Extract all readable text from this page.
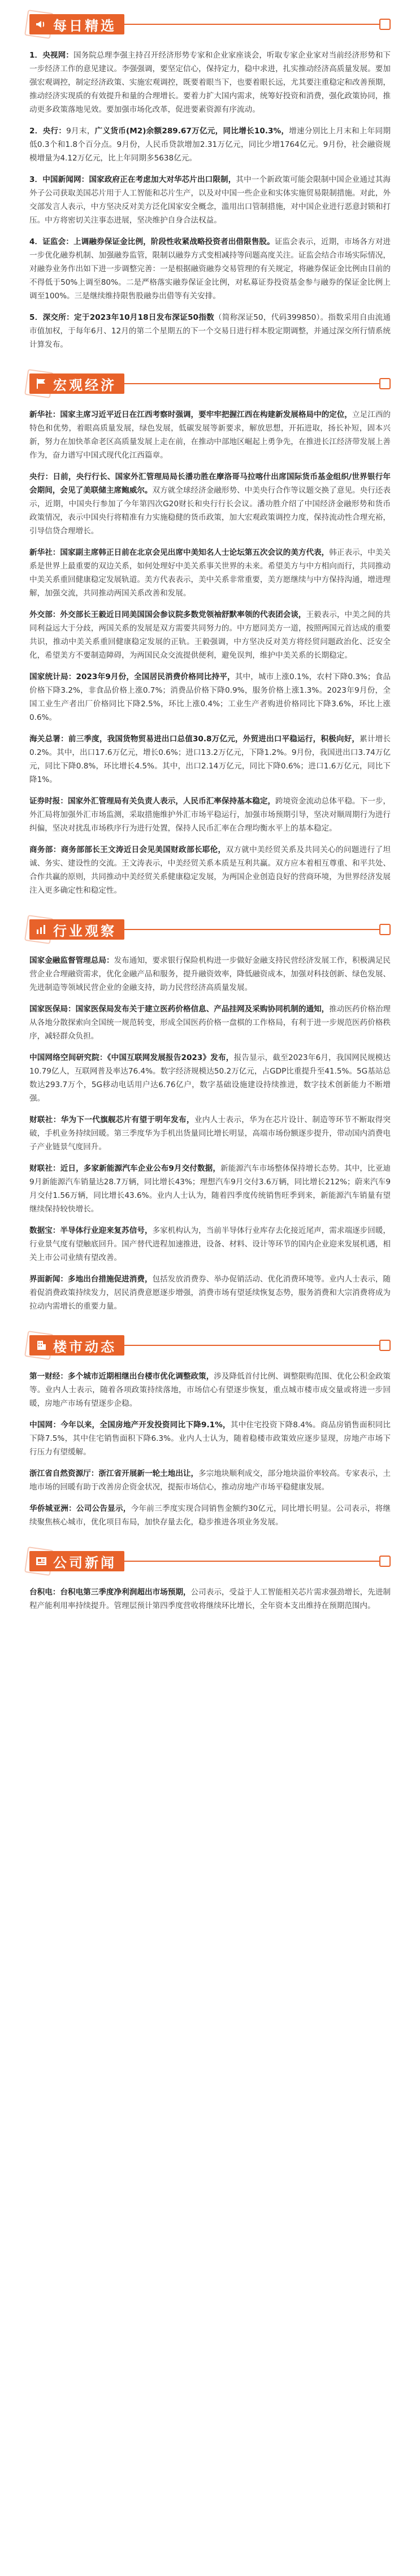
每日精选

1．央视网：国务院总理李强主持召开经济形势专家和企业家座谈会，听取专家企业家对当前经济形势和下一步经济工作的意见建议。李强强调，要坚定信心，保持定力，稳中求进，扎实推动经济高质量发展。要加强宏观调控，制定经济政策、实施宏观调控，既要着眼当下，也要着眼长远，尤其要注重稳定和改善预期，推动经济实现质的有效提升和量的合理增长。要着力扩大国内需求，统筹好投资和消费，强化政策协同，推动更多政策落地见效。要加强市场化改革，促进要素资源有序流动。

2．央行：9月末，广义货币(M2)余额289.67万亿元，同比增长10.3%，增速分别比上月末和上年同期低0.3个和1.8个百分点。9月份，人民币贷款增加2.31万亿元，同比少增1764亿元。9月份，社会融资规模增量为4.12万亿元，比上年同期多5638亿元。

3．中国新闻网：国家政府正在考虑加大对华芯片出口限制，其中一个新政策可能会限制中国企业通过其海外子公司获取美国芯片用于人工智能和芯片生产，以及对中国一些企业和实体实施贸易限制措施。对此，外交部发言人表示，中方坚决反对美方泛化国家安全概念，滥用出口管制措施，对中国企业进行恶意封锁和打压。中方将密切关注事态进展，坚决维护自身合法权益。

4．证监会：上调融券保证金比例，阶段性收紧战略投资者出借限售股。证监会表示，近期，市场各方对进一步优化融券机制、加强融券监管，限制以融券方式变相减持等问题高度关注。证监会结合市场实际情况，对融券业务作出如下进一步调整完善：一是根据融资融券交易管理的有关规定，将融券保证金比例由目前的不得低于50%上调至80%。二是严格落实融券保证金比例，对私募证券投资基金参与融券的保证金比例上调至100%。三是继续维持限售股融券出借等有关安排。

5．深交所：定于2023年10月18日发布深证50指数（简称深证50，代码399850）。指数采用自由流通市值加权，于每年6月、12月的第二个星期五的下一个交易日进行样本股定期调整，并通过深交所行情系统计算发布。

宏观经济

新华社：国家主席习近平近日在江西考察时强调，要牢牢把握江西在构建新发展格局中的定位，立足江西的特色和优势，着眼高质量发展，绿色发展，低碳发展等新要求，解放思想，开拓进取，扬长补短，固本兴新，努力在加快革命老区高质量发展上走在前，在推动中部地区崛起上勇争先，在推进长江经济带发展上善作为，奋力谱写中国式现代化江西篇章。

央行：日前，央行行长、国家外汇管理局局长潘功胜在摩洛哥马拉喀什出席国际货币基金组织/世界银行年会期间，会见了美联储主席鲍威尔。双方就全球经济金融形势、中美央行合作等议题交换了意见。央行还表示，近期，中国央行参加了今年第四次G20财长和央行行长会议。潘功胜介绍了中国经济金融形势和货币政策情况，表示中国央行将精准有力实施稳健的货币政策，加大宏观政策调控力度，保持流动性合理充裕，引导信贷合理增长。

新华社：国家副主席韩正日前在北京会见出席中美知名人士论坛第五次会议的美方代表，韩正表示，中美关系是世界上最重要的双边关系，如何处理好中美关系事关世界的未来。希望美方与中方相向而行，共同推动中美关系重回健康稳定发展轨道。美方代表表示，美中关系非常重要，美方愿继续与中方保持沟通，增进理解，加强交流，共同推动两国关系改善和发展。

外交部：外交部长王毅近日同美国国会参议院多数党领袖舒默率领的代表团会谈，王毅表示，中美之间的共同利益远大于分歧，两国关系的发展是双方需要共同努力的。中方愿同美方一道，按照两国元首达成的重要共识，推动中美关系重回健康稳定发展的正轨。王毅强调，中方坚决反对美方将经贸问题政治化、泛安全化，希望美方不要制造障碍，为两国民众交流提供便利，避免误判，维护中美关系的长期稳定。

国家统计局：2023年9月份，全国居民消费价格同比持平，其中，城市上涨0.1%，农村下降0.3%；食品价格下降3.2%，非食品价格上涨0.7%；消费品价格下降0.9%，服务价格上涨1.3%。2023年9月份，全国工业生产者出厂价格同比下降2.5%，环比上涨0.4%；工业生产者购进价格同比下降3.6%，环比上涨0.6%。

海关总署：前三季度，我国货物贸易进出口总值30.8万亿元，外贸进出口平稳运行，积极向好，累计增长0.2%。其中，出口17.6万亿元，增长0.6%；进口13.2万亿元，下降1.2%。9月份，我国进出口3.74万亿元，同比下降0.8%，环比增长4.5%。其中，出口2.14万亿元，同比下降0.6%；进口1.6万亿元，同比下降1%。

证券时报：国家外汇管理局有关负责人表示，人民币汇率保持基本稳定，跨境资金流动总体平稳。下一步，外汇局将加强外汇市场监测，采取措施维护外汇市场平稳运行，加强市场预期引导，坚决对顺周期行为进行纠偏，坚决对扰乱市场秩序行为进行处置，保持人民币汇率在合理均衡水平上的基本稳定。

商务部：商务部部长王文涛近日会见美国财政部长耶伦，双方就中美经贸关系及共同关心的问题进行了坦诚、务实、建设性的交流。王文涛表示，中美经贸关系本质是互利共赢。双方应本着相互尊重、和平共处、合作共赢的原则，共同推动中美经贸关系健康稳定发展，为两国企业创造良好的营商环境，为世界经济发展注入更多确定性和稳定性。

行业观察

国家金融监督管理总局：发布通知，要求银行保险机构进一步做好金融支持民营经济发展工作，积极满足民营企业合理融资需求，优化金融产品和服务，提升融资效率，降低融资成本，加强对科技创新、绿色发展、先进制造等领域民营企业的金融支持，助力民营经济高质量发展。

国家医保局：国家医保局发布关于建立医药价格信息、产品挂网及采购协同机制的通知，推动医药价格治理从各地分散探索向全国统一规范转变，形成全国医药价格一盘棋的工作格局，有利于进一步规范医药价格秩序，减轻群众负担。

中国网络空间研究院：《中国互联网发展报告2023》发布，报告显示，截至2023年6月，我国网民规模达10.79亿人，互联网普及率达76.4%。数字经济规模达50.2万亿元，占GDP比重提升至41.5%。5G基站总数达293.7万个，5G移动电话用户达6.76亿户，数字基础设施建设持续推进，数字技术创新能力不断增强。

财联社：华为下一代旗舰芯片有望于明年发布，业内人士表示，华为在芯片设计、制造等环节不断取得突破，手机业务持续回暖。第三季度华为手机出货量同比增长明显，高端市场份额逐步提升，带动国内消费电子产业链景气度回升。

财联社：近日，多家新能源汽车企业公布9月交付数据，新能源汽车市场整体保持增长态势。其中，比亚迪9月新能源汽车销量达28.7万辆，同比增长43%；理想汽车9月交付3.6万辆，同比增长212%；蔚来汽车9月交付1.56万辆，同比增长43.6%。业内人士认为，随着四季度传统销售旺季到来，新能源汽车销量有望继续保持较快增长。

数据宝：半导体行业迎来复苏信号，多家机构认为，当前半导体行业库存去化接近尾声，需求端逐步回暖，行业景气度有望触底回升。国产替代进程加速推进，设备、材料、设计等环节的国内企业迎来发展机遇，相关上市公司业绩有望改善。

界面新闻：多地出台措施促进消费，包括发放消费券、举办促销活动、优化消费环境等。业内人士表示，随着促消费政策持续发力，居民消费意愿逐步增强，消费市场有望延续恢复态势，服务消费和大宗消费将成为拉动内需增长的重要力量。

楼市动态

第一财经：多个城市近期相继出台楼市优化调整政策，涉及降低首付比例、调整限购范围、优化公积金政策等。业内人士表示，随着各项政策持续落地，市场信心有望逐步恢复，重点城市楼市成交量或将进一步回暖，房地产市场有望逐步企稳。

中国网：今年以来，全国房地产开发投资同比下降9.1%，其中住宅投资下降8.4%。商品房销售面积同比下降7.5%，其中住宅销售面积下降6.3%。业内人士认为，随着稳楼市政策效应逐步显现，房地产市场下行压力有望缓解。

浙江省自然资源厅：浙江省开展新一轮土地出让，多宗地块顺利成交，部分地块溢价率较高。专家表示，土地市场的回暖有助于改善房企资金状况，提振市场信心，推动房地产市场平稳健康发展。

华侨城亚洲：公司公告显示，今年前三季度实现合同销售金额约30亿元，同比增长明显。公司表示，将继续聚焦核心城市，优化项目布局，加快存量去化，稳步推进各项业务发展。

公司新闻

台积电：台积电第三季度净利润超出市场预期，公司表示，受益于人工智能相关芯片需求强劲增长，先进制程产能利用率持续提升。管理层预计第四季度营收将继续环比增长，全年资本支出维持在预期范围内。
